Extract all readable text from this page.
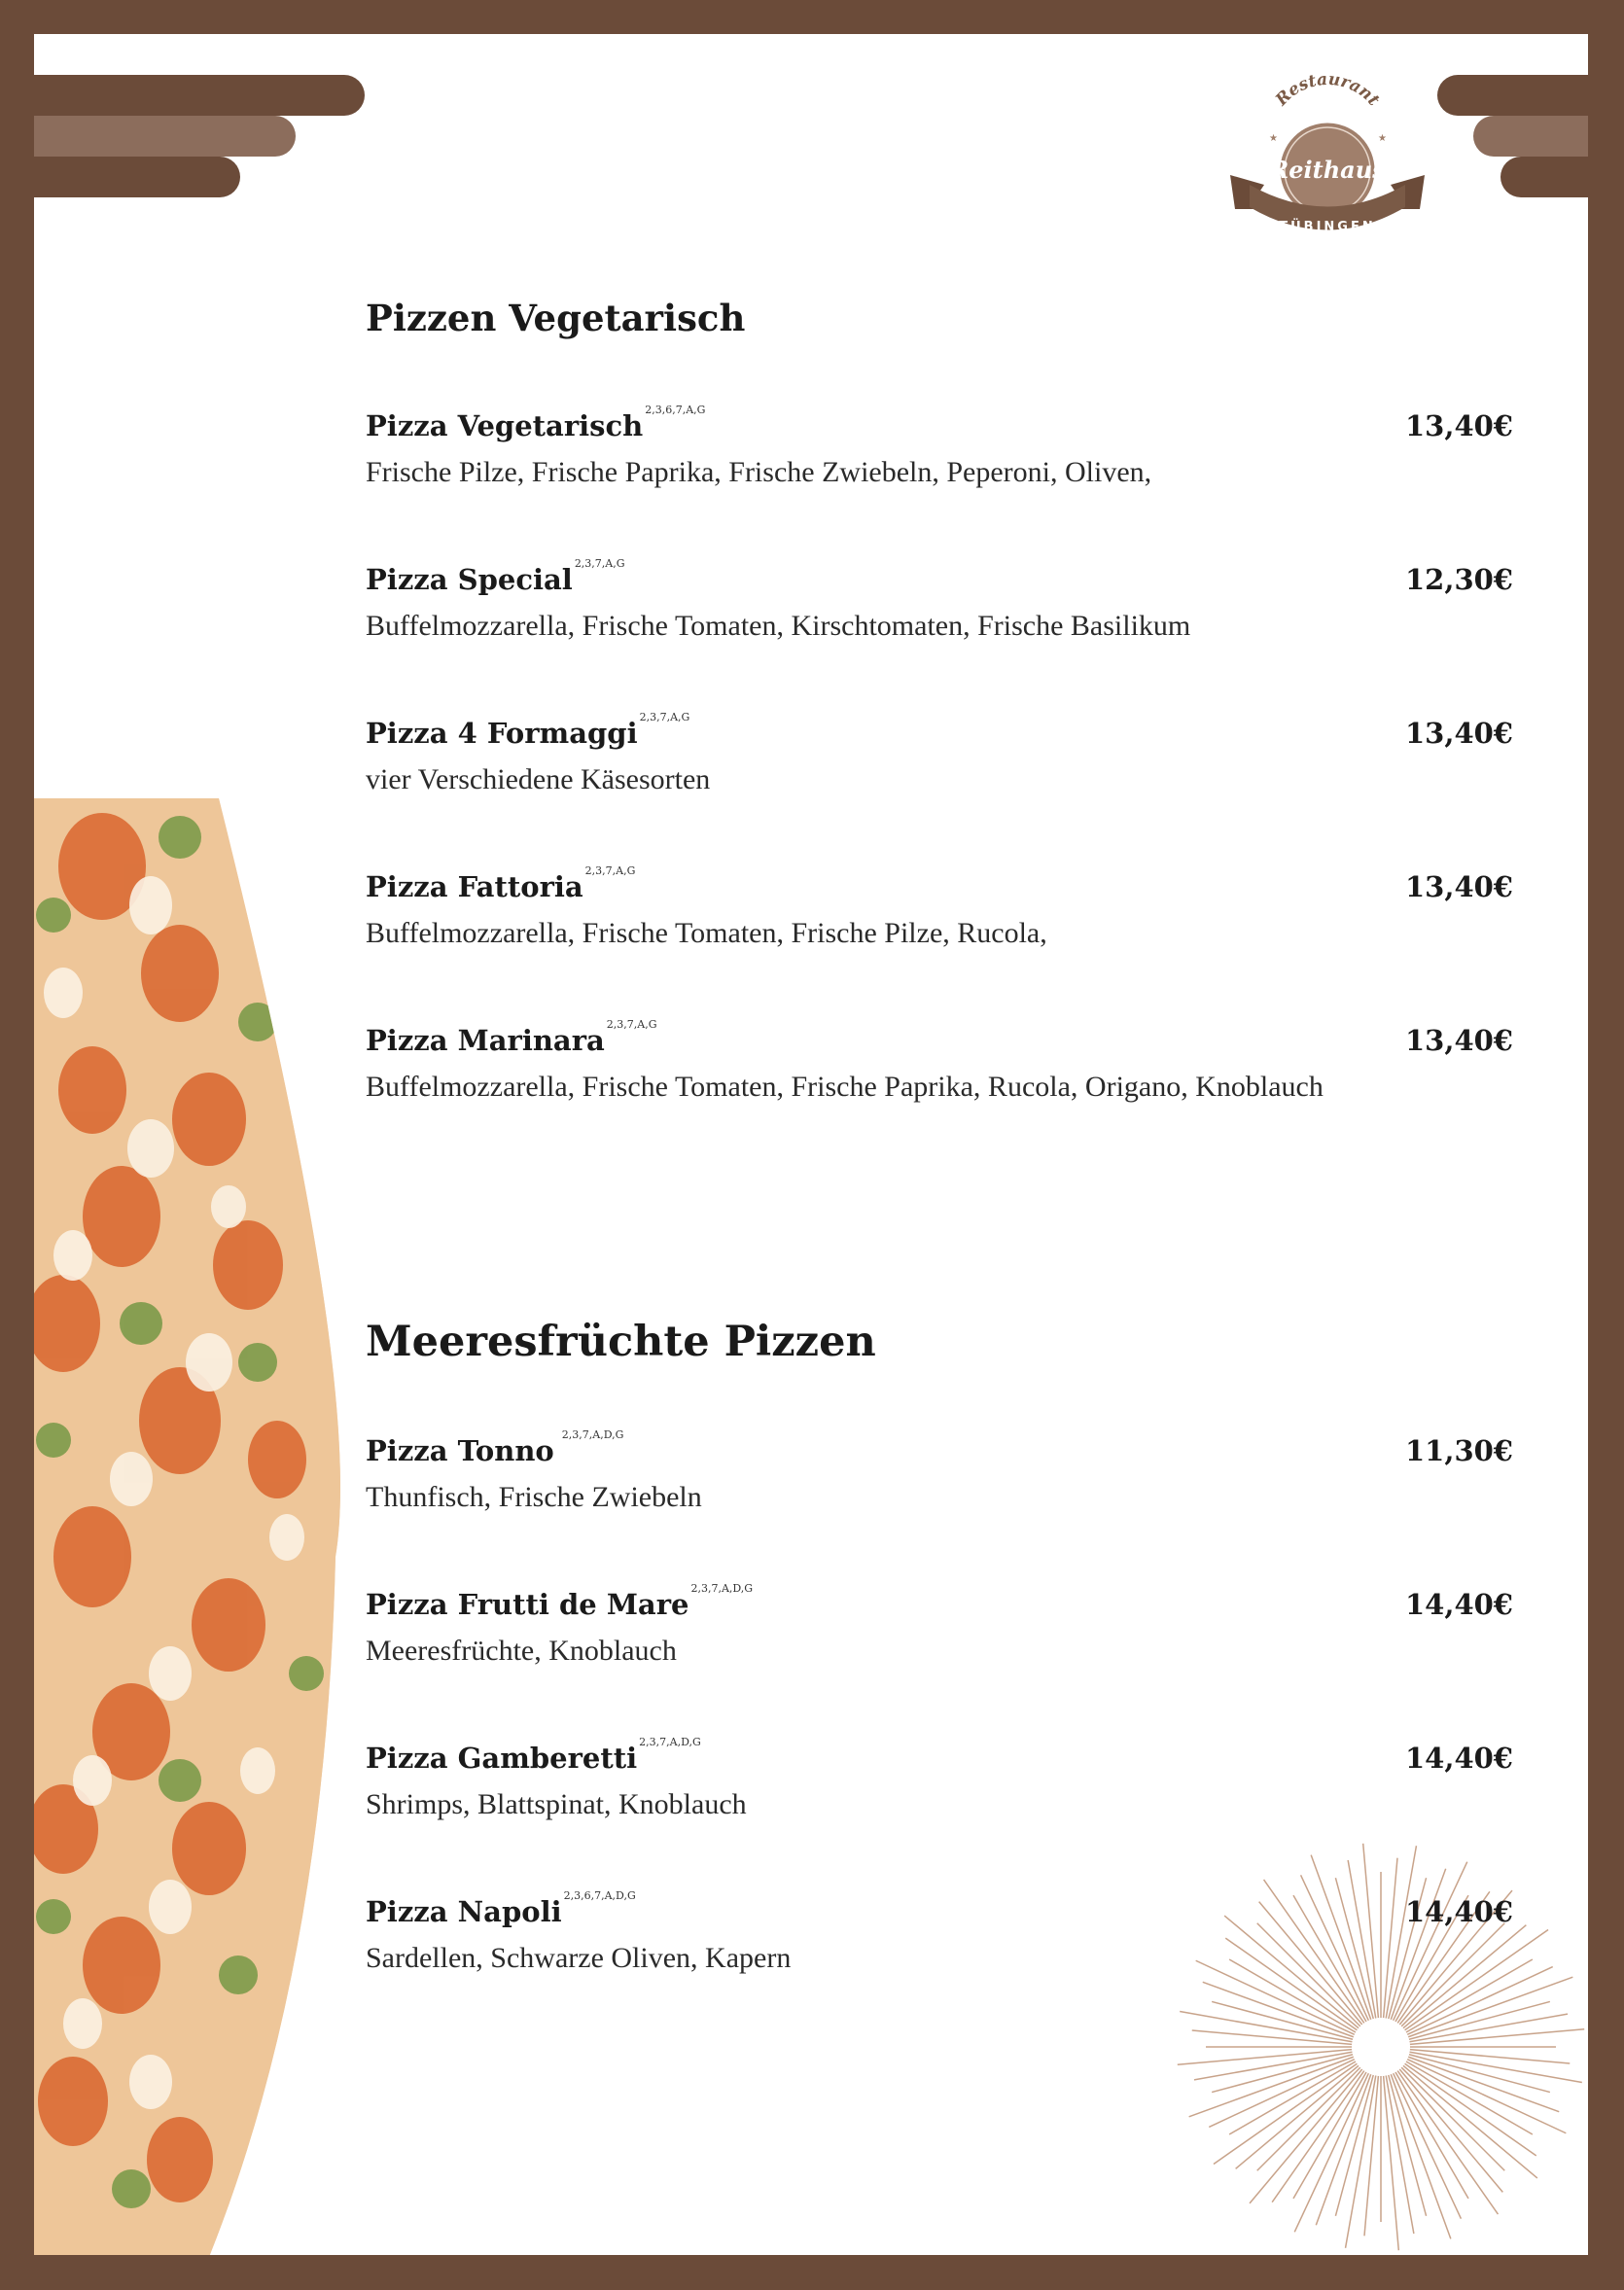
Restaurant
Reithaus
TÜBINGEN
★	★
Pizzen Vegetarisch
Pizza Vegetarisch $^{2,3,6,7,A,G}$	13,40€
Frische Pilze, Frische Paprika, Frische Zwiebeln, Peperoni, Oliven,
Pizza Special $^{2,3,7,A,G}$	12,30€
Buffelmozzarella, Frische Tomaten, Kirschtomaten, Frische Basilikum
Pizza 4 Formaggi $^{2,3,7,A,G}$	13,40€
vier Verschiedene Käsesorten
Pizza Fattoria $^{2,3,7,A,G}$	13,40€
Buffelmozzarella, Frische Tomaten, Frische Pilze, Rucola,
Pizza Marinara $^{2,3,7,A,G}$	13,40€
Buffelmozzarella, Frische Tomaten, Frische Paprika, Rucola, Origano, Knoblauch
Meeresfrüchte Pizzen
Pizza Tonno $^{2,3,7,A,D,G}$	11,30€
Thunfisch, Frische Zwiebeln
Pizza Frutti de Mare $^{2,3,7,A,D,G}$	14,40€
Meeresfrüchte, Knoblauch
Pizza Gamberetti $^{2,3,7,A,D,G}$	14,40€
Shrimps, Blattspinat, Knoblauch
Pizza Napoli $^{2,3,6,7,A,D,G}$	14,40€
Sardellen, Schwarze Oliven, Kapern
